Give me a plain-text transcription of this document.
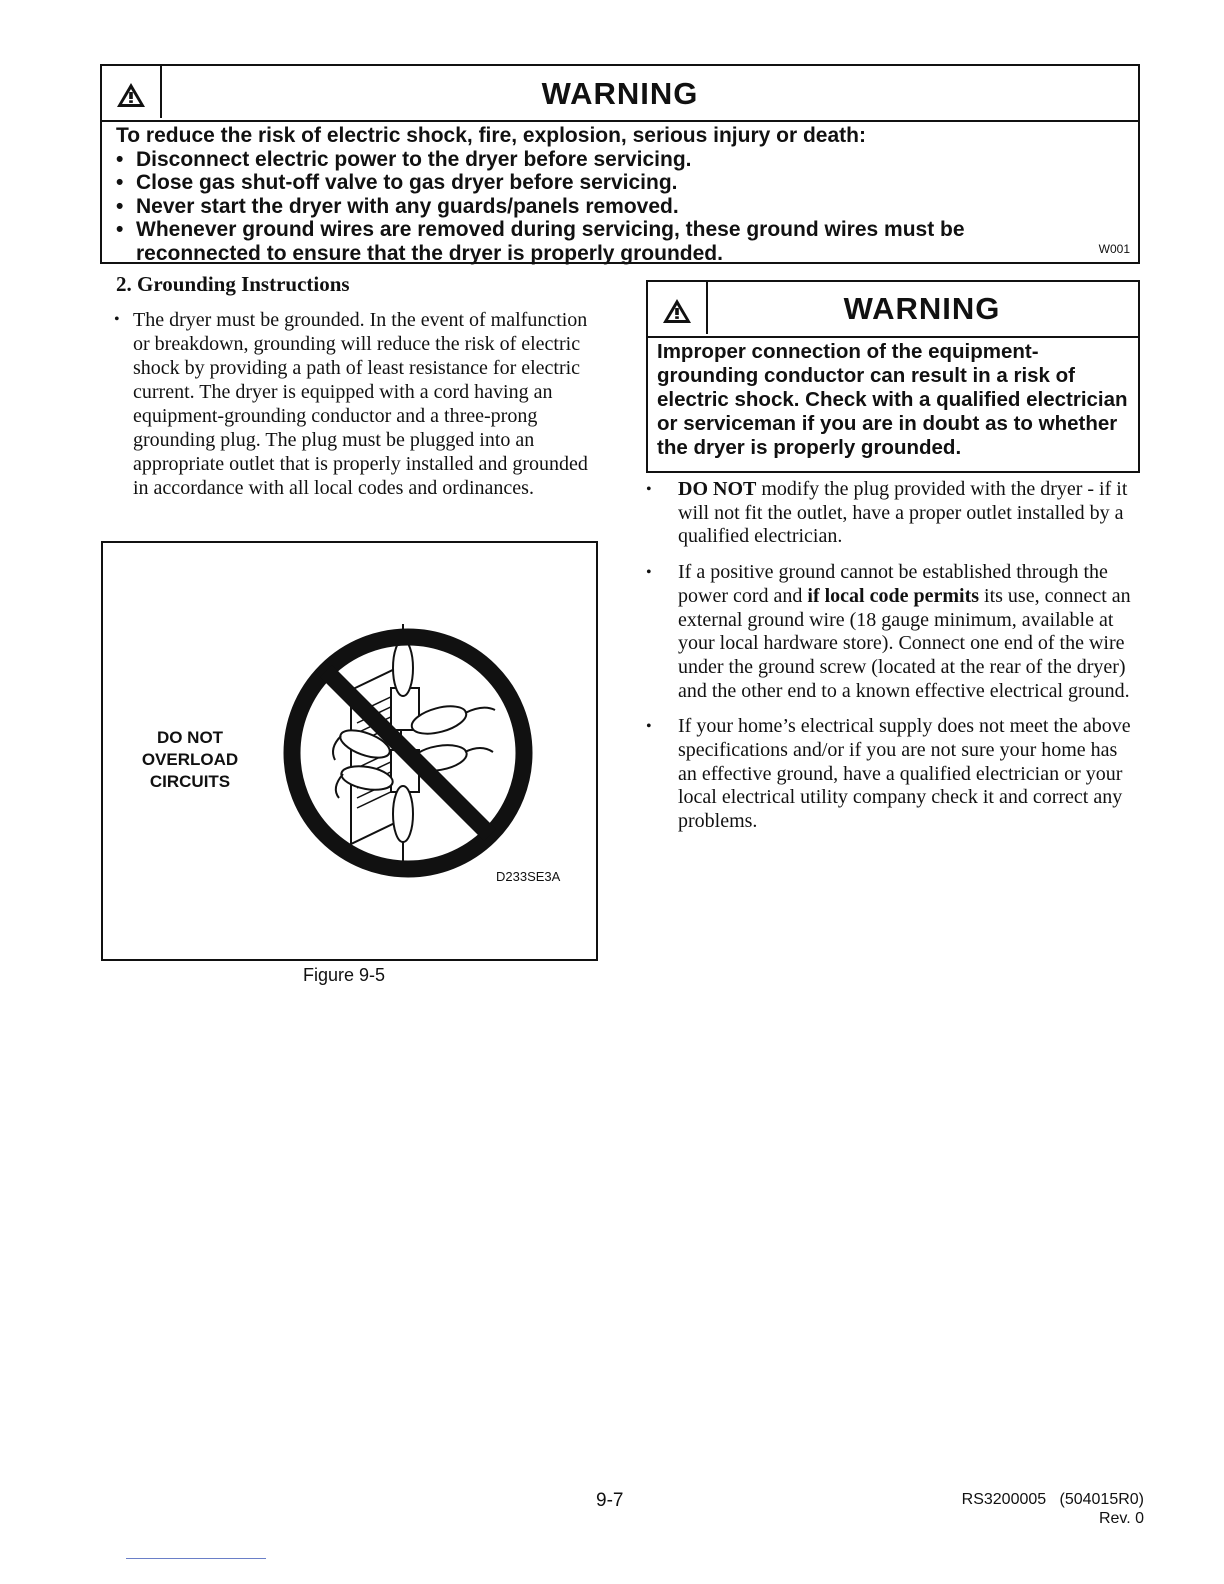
WARNING
To reduce the risk of electric shock, fire, explosion, serious injury or death:
• Disconnect electric power to the dryer before servicing.
• Close gas shut-off valve to gas dryer before servicing.
• Never start the dryer with any guards/panels removed.
• Whenever ground wires are removed during servicing, these ground wires must be reconnected to ensure that the dryer is properly grounded.	W001
2. Grounding Instructions
• The dryer must be grounded. In the event of malfunction or breakdown, grounding will reduce the risk of electric shock by providing a path of least resistance for electric current. The dryer is equipped with a cord having an equipment-grounding conductor and a three-prong grounding plug. The plug must be plugged into an appropriate outlet that is properly installed and grounded in accordance with all local codes and ordinances.
DO NOT
OVERLOAD
CIRCUITS
D233SE3A
Figure 9-5
WARNING
Improper connection of the equipment-grounding conductor can result in a risk of electric shock. Check with a qualified electrician or serviceman if you are in doubt as to whether the dryer is properly grounded.
• DO NOT modify the plug provided with the dryer - if it will not fit the outlet, have a proper outlet installed by a qualified electrician.
• If a positive ground cannot be established through the power cord and if local code permits its use, connect an external ground wire (18 gauge minimum, available at your local hardware store). Connect one end of the wire under the ground screw (located at the rear of the dryer) and the other end to a known effective electrical ground.
• If your home’s electrical supply does not meet the above specifications and/or if you are not sure your home has an effective ground, have a qualified electrician or your local electrical utility company check it and correct any problems.
9-7	RS3200005   (504015R0)
Rev. 0
